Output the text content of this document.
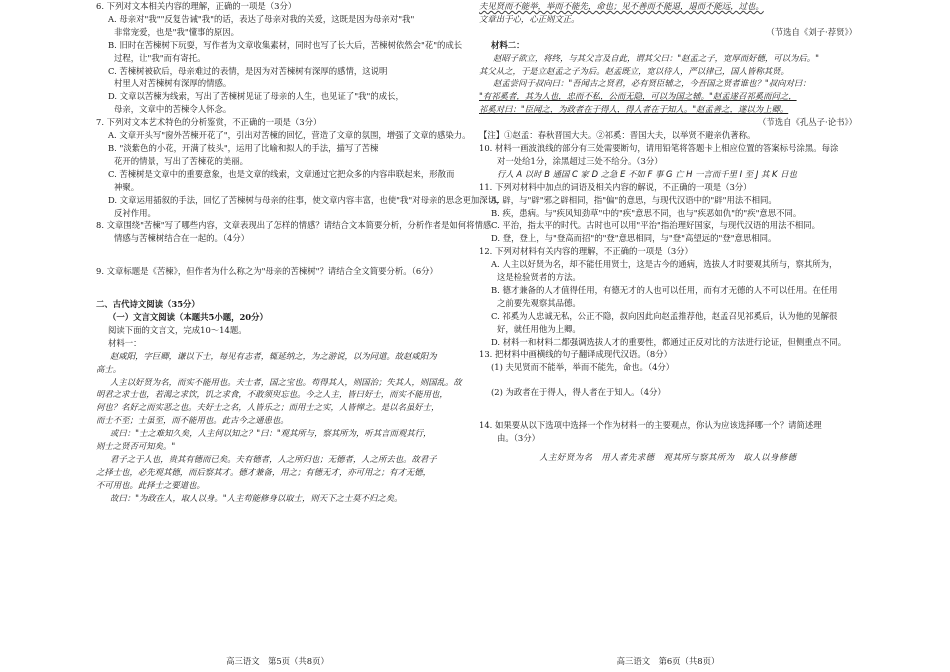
6. 下列对文本相关内容的理解，正确的一项是（3分）

A. 母亲对"我""反复告诫"我"的话，表达了母亲对我的关爱，这既是因为母亲对"我"

非常宠爱，也是"我"懂事的原因。

B. 旧时在苦楝树下玩耍，写作者为文章收集素材，同时也写了长大后，苦楝树依然会"花"的成长

过程，让"我"而有寄托。

C. 苦楝树被砍后，母亲难过的表情，是因为对苦楝树有深厚的感情，这说明

村里人对苦楝树有深厚的情感。

D. 文章以苦楝为线索，写出了苦楝树见证了母亲的人生，也见证了"我"的成长，

母亲，文章中的苦楝令人怀念。

7. 下列对文本艺术特色的分析鉴赏，不正确的一项是（3分）

A. 文章开头写"窗外苦楝开花了"，引出对苦楝的回忆，营造了文章的氛围，增强了文章的感染力。

B. "淡紫色的小花，开满了枝头"，运用了比喻和拟人的手法，描写了苦楝

花开的情景，写出了苦楝花的美丽。

C. 苦楝树是文章中的重要意象，也是文章的线索，文章通过它把众多的内容串联起来，形散而

神聚。

D. 文章运用插叙的手法，回忆了苦楝树与母亲的往事，使文章内容丰富，也使"我"对母亲的思念更加深切，

反衬作用。

8. 文章围绕"苦楝"写了哪些内容，文章表现出了怎样的情感？请结合文本简要分析，分析作者是如何将情感

情感与苦楝树结合在一起的。（4分）

9. 文章标题是《苦楝》，但作者为什么称之为"母亲的苦楝树"？请结合全文简要分析。（6分）

二、古代诗文阅读（35分）

（一）文言文阅读（本题共5小题，20分）

阅读下面的文言文，完成10～14题。

材料一：

赵咸阳，字巨卿，谦以下士，每见有志者，辄延纳之，为之游说，以为同道。故赵咸阳为

高士。

人主以好贤为名，而实不能用也。夫士者，国之宝也。苟得其人，则国治；失其人，则国乱。故

明君之求士也，若渴之求饮，饥之求食，不敢须臾忘也。今之人主，皆曰好士，而实不能用也，

何也？名好之而实恶之也。夫好士之名，人皆乐之；而用士之实，人皆惮之。是以名虽好士，

而士不至；士虽至，而不能用也。此古今之通患也。

或曰："士之难知久矣，人主何以知之？"曰："观其所与，察其所为，听其言而观其行，

则士之贤否可知矣。"

君子之于人也，贵其有德而已矣。夫有德者，人之所归也；无德者，人之所去也。故君子

之择士也，必先观其德，而后察其才。德才兼备，用之；有德无才，亦可用之；有才无德，

不可用也。此择士之要道也。

故曰："为政在人，取人以身。"人主苟能修身以取士，则天下之士莫不归之矣。

高三语文　第5页（共8页）

夫见贤而不能举，举而不能先，命也；见不善而不能退，退而不能远，过也。

文章出于心，心正则文正。

（节选自《刘子·荐贤》）

材料二：

赵昭子欲立，将终，与其父言及自此，谓其父曰："赵孟之子，宽厚而好德，可以为后。"

其父从之，于是立赵孟之子为后。赵孟既立，宽以待人，严以律己，国人皆称其贤。

赵孟尝问于叔向曰："吾闻古之贤君，必有贤臣辅之，今吾国之贤者谁也？"叔向对曰：

"有祁奚者，其为人也，忠而不私，公而无隐，可以为国之辅。"赵孟遂召祁奚而问之，

祁奚对曰："臣闻之，为政者在于得人，得人者在于知人。"赵孟善之，遂以为上卿。

（节选自《孔丛子·论书》）

【注】①赵孟：春秋晋国大夫。②祁奚：晋国大夫，以举贤不避亲仇著称。

10. 材料一画波浪线的部分有三处需要断句，请用铅笔将答题卡上相应位置的答案标号涂黑。每涂

对一处给1分，涂黑超过三处不给分。（3分）

行人 A 以时 B 通国 C 家 D 之急 E 不如 F 事 G 亡 H 一言而千里 I 至 J 其 K 日也

11. 下列对材料中加点的词语及相关内容的解说，不正确的一项是（3分）

A. 辟，与"辟"邪之辟相同，指"偏"的意思，与现代汉语中的"辟"用法不相同。

B. 疾，患病。与"疾风知劲草"中的"疾"意思不同，也与"疾恶如仇"的"疾"意思不同。

C. 平治，指太平的时代。古时也可以用"平治"指治理好国家，与现代汉语的用法不相同。

D. 登，登上，与"登高而招"的"登"意思相同，与"登"高望远的"登"意思相同。

12. 下列对材料有关内容的理解，不正确的一项是（3分）

A. 人主以好贤为名，却不能任用贤士，这是古今的通病，选拔人才时要观其所与，察其所为，

这是检验贤者的方法。

B. 德才兼备的人才值得任用，有德无才的人也可以任用，而有才无德的人不可以任用。在任用

之前要先观察其品德。

C. 祁奚为人忠诚无私，公正不隐，叔向因此向赵孟推荐他，赵孟召见祁奚后，认为他的见解很

好，就任用他为上卿。

D. 材料一和材料二都强调选拔人才的重要性，都通过正反对比的方法进行论证，但侧重点不同。

13. 把材料中画横线的句子翻译成现代汉语。（8分）

(1) 夫见贤而不能举，举而不能先，命也。（4分）

(2) 为政者在于得人，得人者在于知人。（4分）

14. 如果要从以下选项中选择一个作为材料一的主要观点，你认为应该选择哪一个？请简述理

由。（3分）

人主好贤为名　用人者先求德　观其所与察其所为　取人以身修德

高三语文　第6页（共8页）
